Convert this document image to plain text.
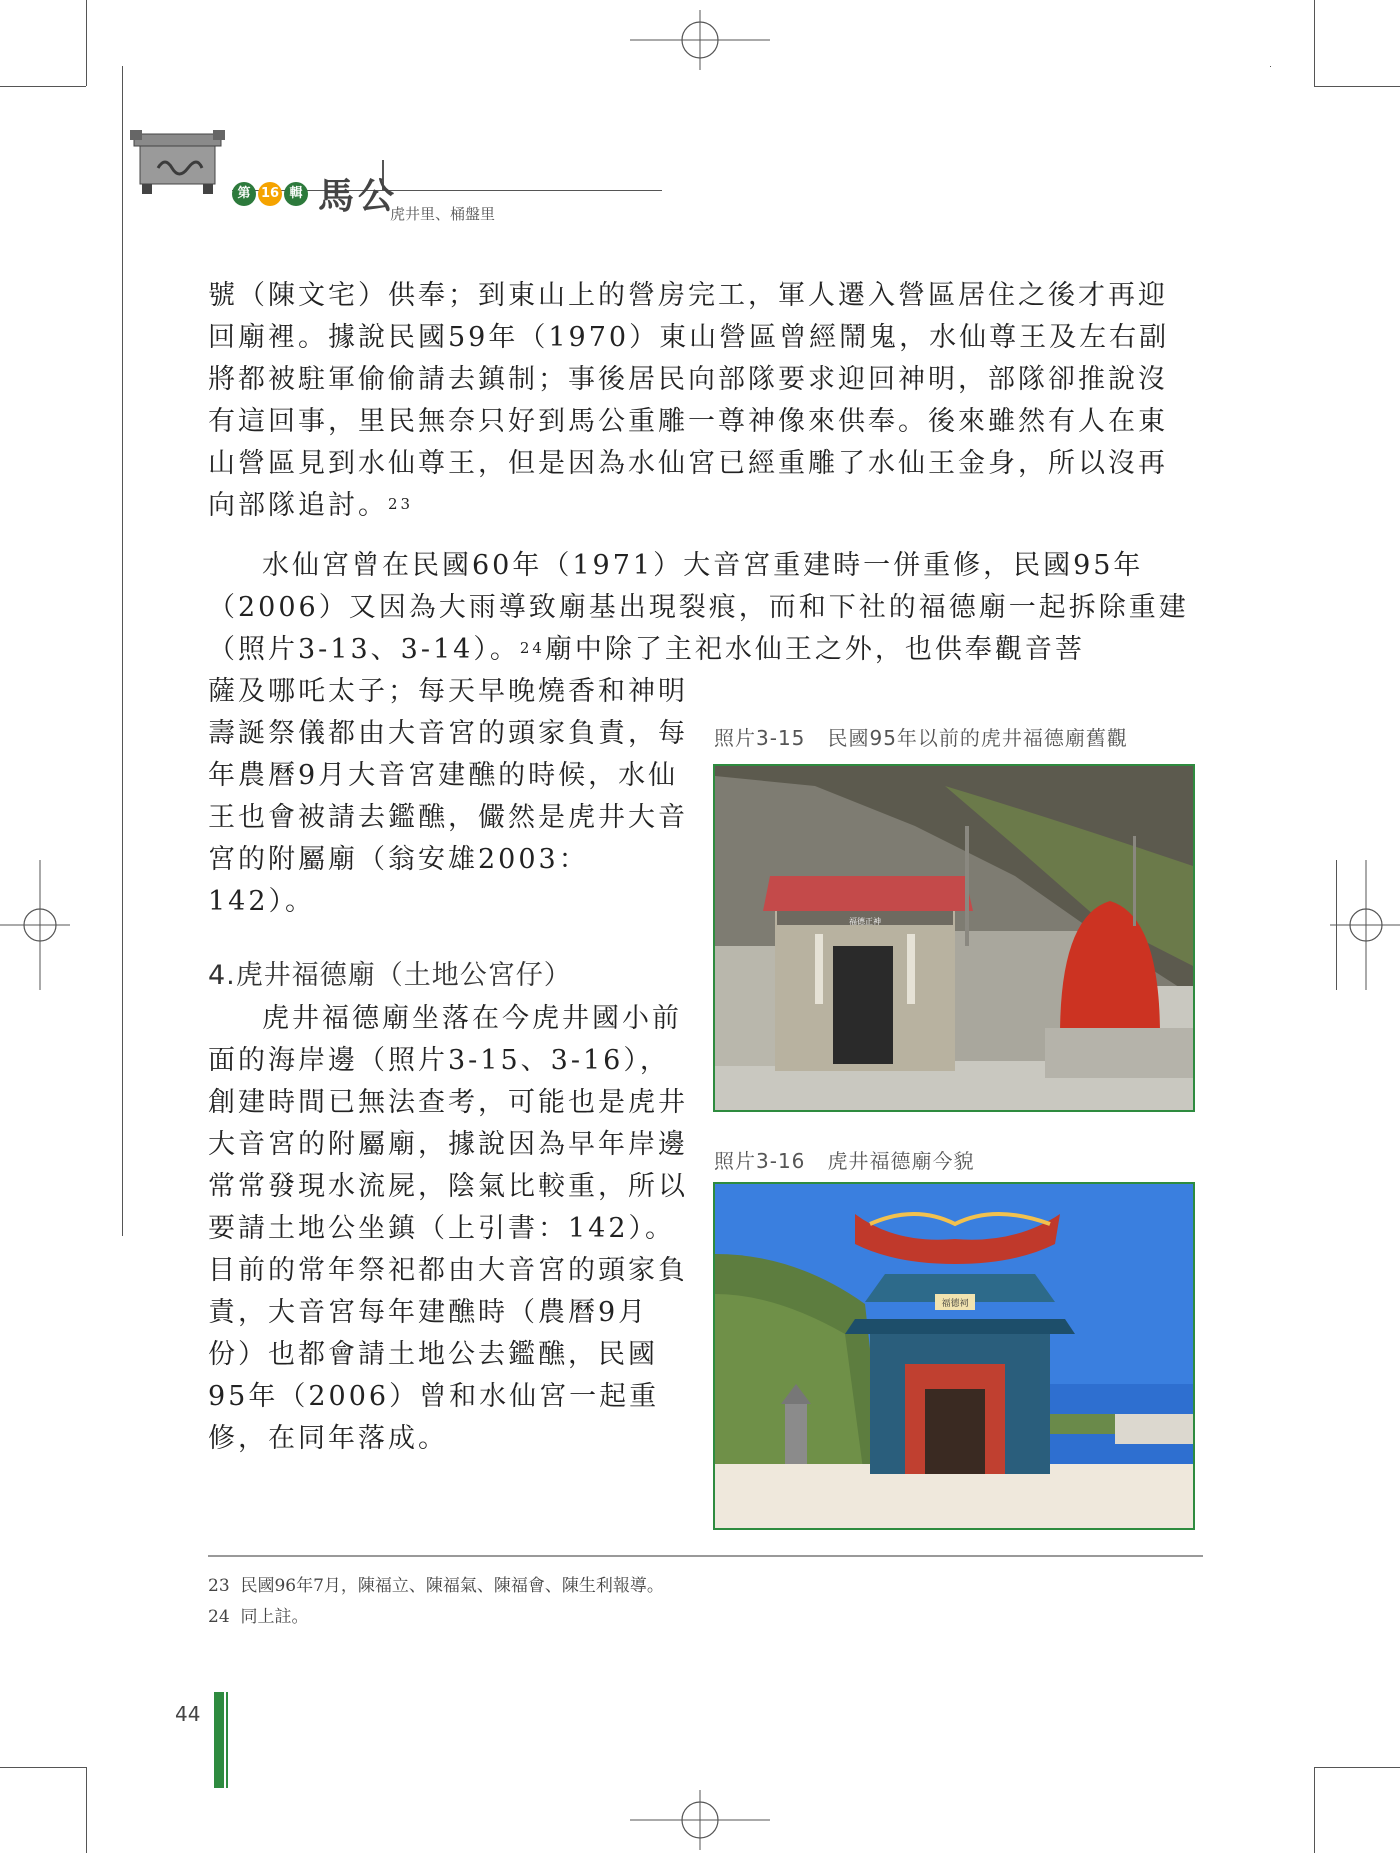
第 16 輯 馬公
虎井里、桶盤里
號（陳文宅）供奉；到東山上的營房完工，軍人遷入營區居住之後才再迎回廟裡。據說民國59年（1970）東山營區曾經鬧鬼，水仙尊王及左右副將都被駐軍偷偷請去鎮制；事後居民向部隊要求迎回神明，部隊卻推說沒有這回事，里民無奈只好到馬公重雕一尊神像來供奉。後來雖然有人在東山營區見到水仙尊王，但是因為水仙宮已經重雕了水仙王金身，所以沒再向部隊追討。$^{23}$
水仙宮曾在民國60年（1971）大音宮重建時一併重修，民國95年（2006）又因為大雨導致廟基出現裂痕，而和下社的福德廟一起拆除重建（照片3-13、3-14）。$^{24}$廟中除了主祀水仙王之外，也供奉觀音菩
薩及哪吒太子；每天早晚燒香和神明壽誕祭儀都由大音宮的頭家負責，每年農曆9月大音宮建醮的時候，水仙王也會被請去鑑醮，儼然是虎井大音宮的附屬廟（翁安雄2003：142）。
4.虎井福德廟（土地公宮仔）
虎井福德廟坐落在今虎井國小前面的海岸邊（照片3-15、3-16），創建時間已無法查考，可能也是虎井大音宮的附屬廟，據說因為早年岸邊常常發現水流屍，陰氣比較重，所以要請土地公坐鎮（上引書：142）。目前的常年祭祀都由大音宮的頭家負責，大音宮每年建醮時（農曆9月份）也都會請土地公去鑑醮，民國95年（2006）曾和水仙宮一起重修，在同年落成。
照片3-15 民國95年以前的虎井福德廟舊觀
福德正神
照片3-16 虎井福德廟今貌
福德祠
23 民國96年7月，陳福立、陳福氣、陳福會、陳生利報導。
24 同上註。
44
